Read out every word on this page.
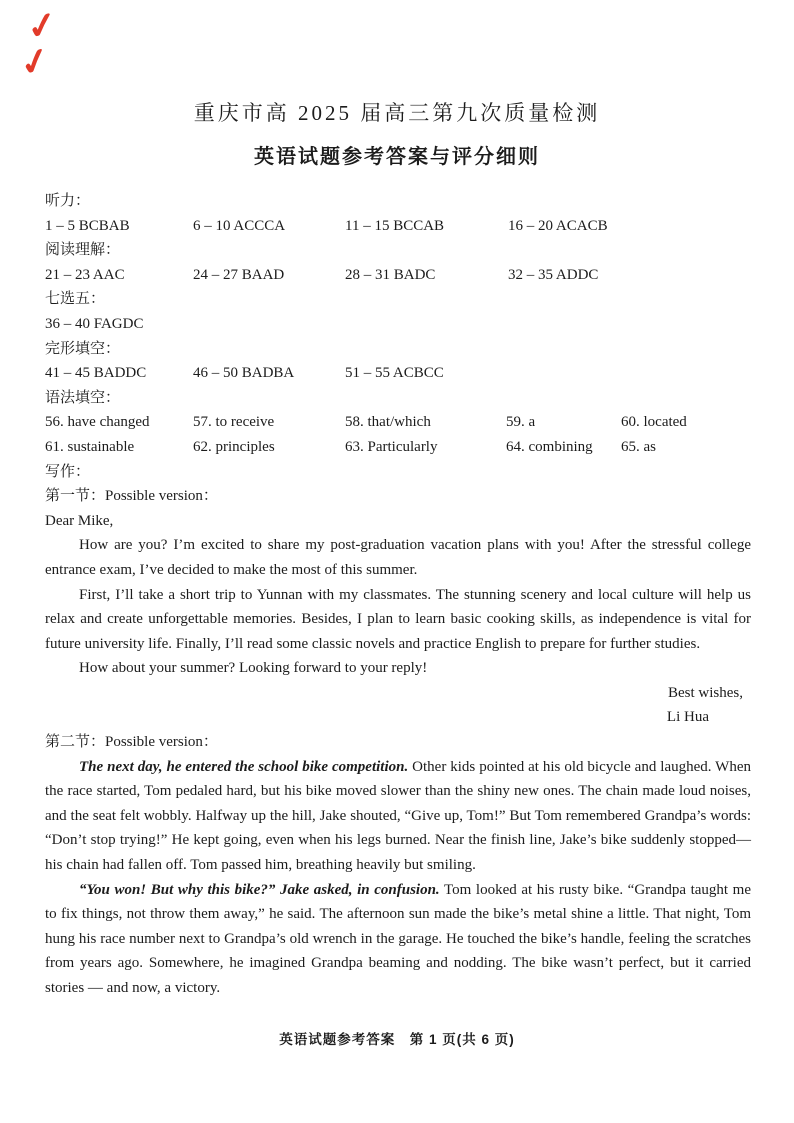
✓
✓
重庆市高 2025 届高三第九次质量检测
英语试题参考答案与评分细则

听力：

1 – 5 BCBAB	6 – 10 ACCCA	11 – 15 BCCAB	16 – 20 ACACB

阅读理解：

21 – 23 AAC	24 – 27 BAAD	28 – 31 BADC	32 – 35 ADDC

七选五：

36 – 40 FAGDC

完形填空：

41 – 45 BADDC	46 – 50 BADBA	51 – 55 ACBCC

语法填空：

56. have changed	57. to receive	58. that/which	59. a	60. located
61. sustainable	62. principles	63. Particularly	64. combining	65. as

写作：

第一节：Possible version：

Dear Mike,

How are you? I’m excited to share my post-graduation vacation plans with you! After the stressful college entrance exam, I’ve decided to make the most of this summer.

First, I’ll take a short trip to Yunnan with my classmates. The stunning scenery and local culture will help us relax and create unforgettable memories. Besides, I plan to learn basic cooking skills, as independence is vital for future university life. Finally, I’ll read some classic novels and practice English to prepare for further studies.

How about your summer? Looking forward to your reply!

Best wishes,

Li Hua

第二节：Possible version：

The next day, he entered the school bike competition. Other kids pointed at his old bicycle and laughed. When the race started, Tom pedaled hard, but his bike moved slower than the shiny new ones. The chain made loud noises, and the seat felt wobbly. Halfway up the hill, Jake shouted, “Give up, Tom!” But Tom remembered Grandpa’s words: “Don’t stop trying!” He kept going, even when his legs burned. Near the finish line, Jake’s bike suddenly stopped—his chain had fallen off. Tom passed him, breathing heavily but smiling.

“You won! But why this bike?” Jake asked, in confusion. Tom looked at his rusty bike. “Grandpa taught me to fix things, not throw them away,” he said. The afternoon sun made the bike’s metal shine a little. That night, Tom hung his race number next to Grandpa’s old wrench in the garage. He touched the bike’s handle, feeling the scratches from years ago. Somewhere, he imagined Grandpa beaming and nodding. The bike wasn’t perfect, but it carried stories — and now, a victory.

英语试题参考答案　第 1 页(共 6 页)
